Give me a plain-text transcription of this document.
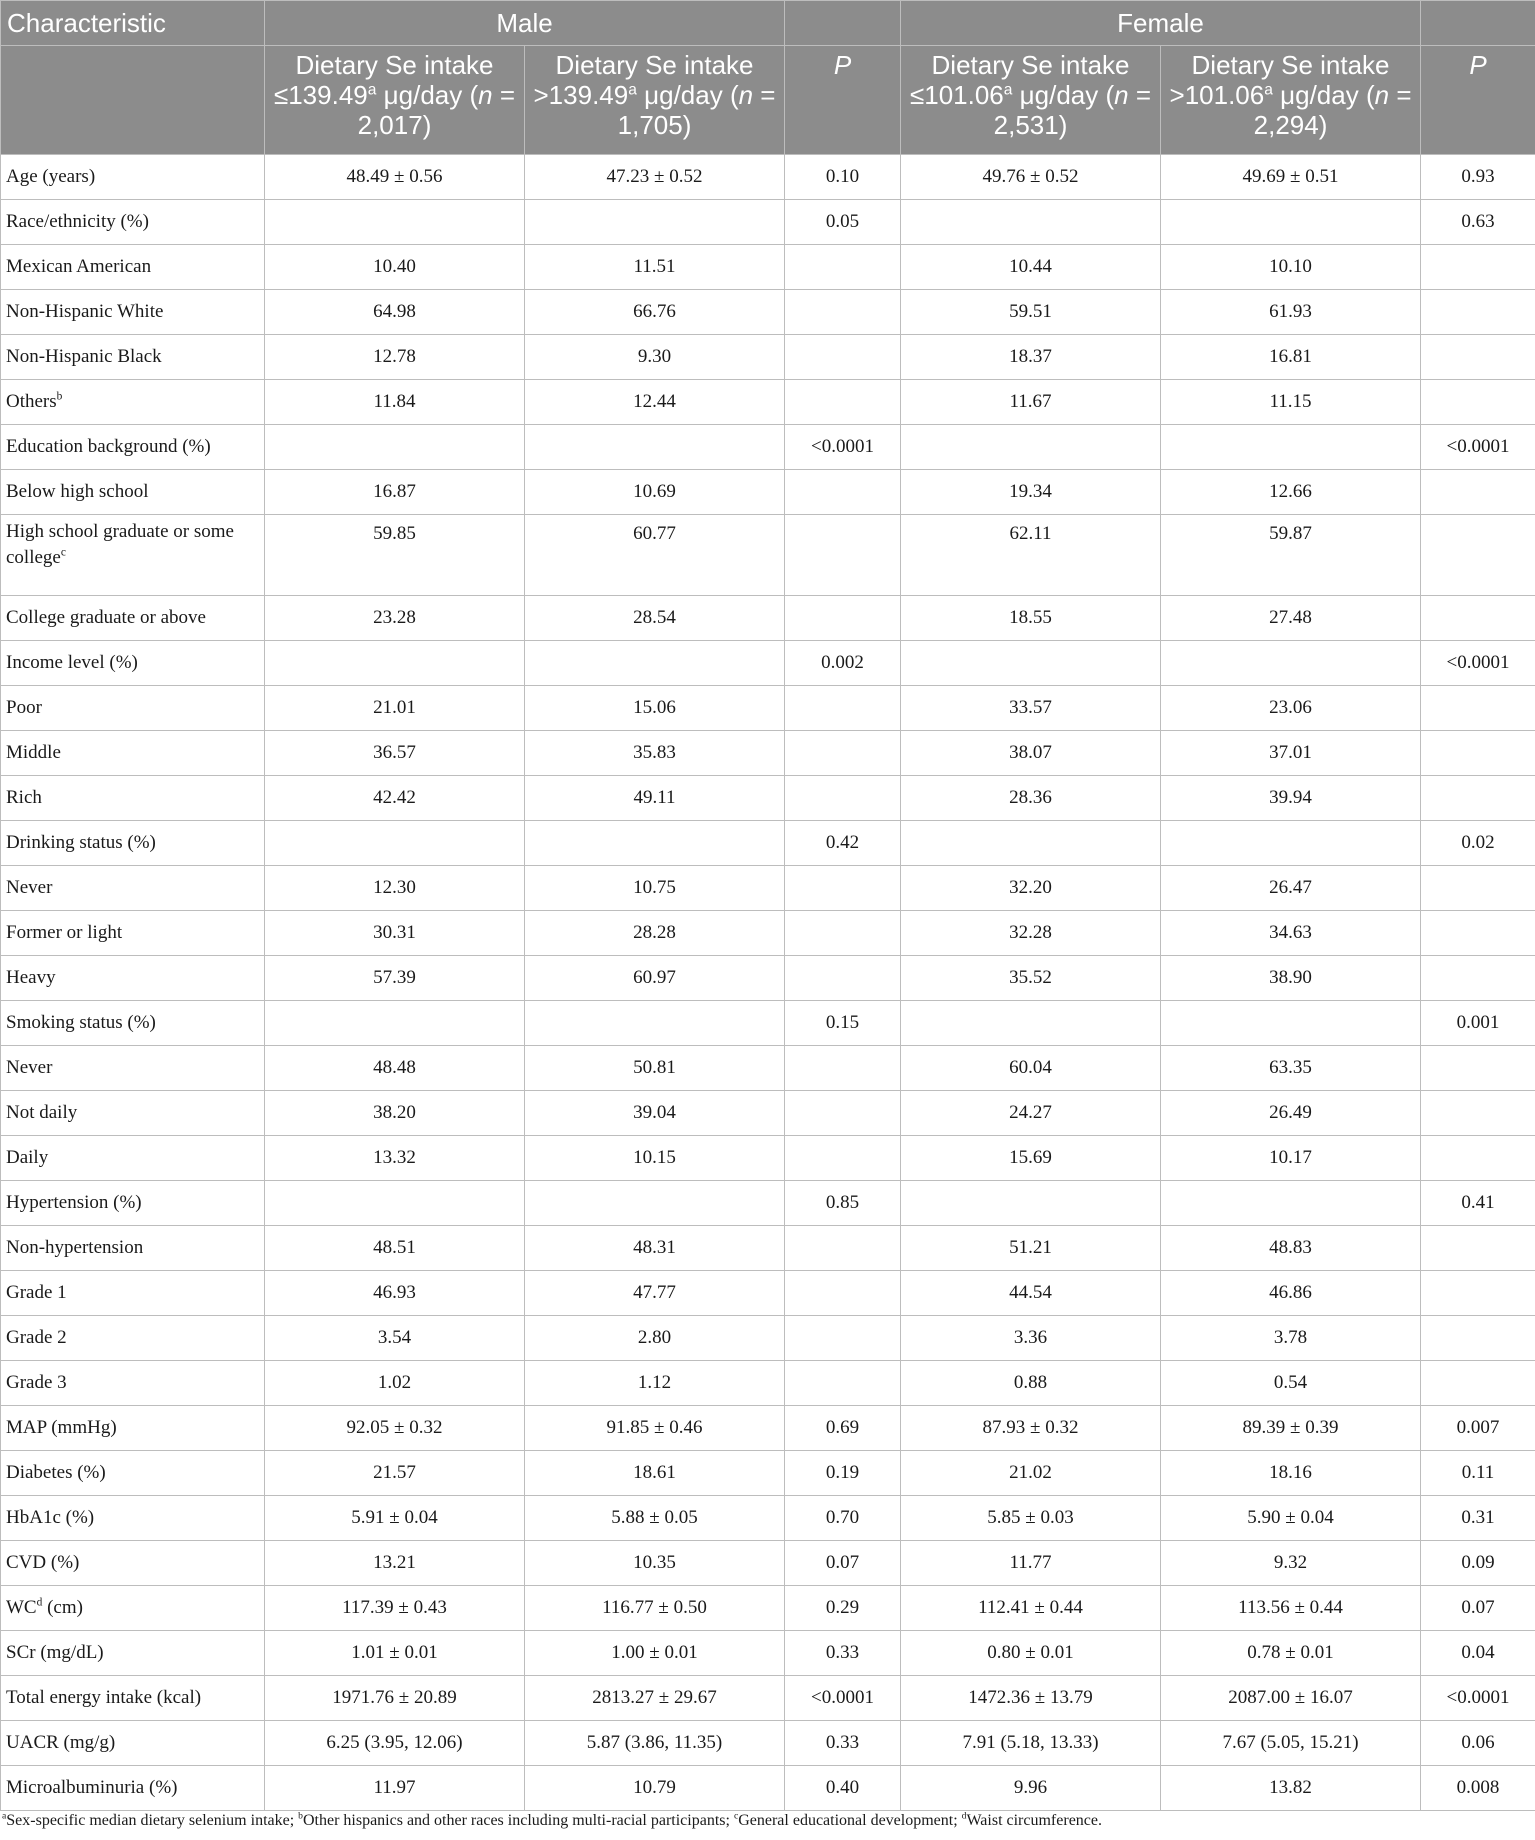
Characteristic	Male			Female		
	Dietary Se intake ≤139.49$^a$ μg/day (n = 2,017)	Dietary Se intake >139.49$^a$ μg/day (n = 1,705)	P	Dietary Se intake ≤101.06$^a$ μg/day (n = 2,531)	Dietary Se intake >101.06$^a$ μg/day (n = 2,294)	P
Age (years)	48.49 ± 0.56	47.23 ± 0.52	0.10	49.76 ± 0.52	49.69 ± 0.51	0.93
Race/ethnicity (%)			0.05			0.63
Mexican American	10.40	11.51		10.44	10.10	
Non-Hispanic White	64.98	66.76		59.51	61.93	
Non-Hispanic Black	12.78	9.30		18.37	16.81	
Others$^b$	11.84	12.44		11.67	11.15	
Education background (%)			<0.0001			<0.0001
Below high school	16.87	10.69		19.34	12.66	
High school graduate or some
college$^c$	59.85	60.77		62.11	59.87	
College graduate or above	23.28	28.54		18.55	27.48	
Income level (%)			0.002			<0.0001
Poor	21.01	15.06		33.57	23.06	
Middle	36.57	35.83		38.07	37.01	
Rich	42.42	49.11		28.36	39.94	
Drinking status (%)			0.42			0.02
Never	12.30	10.75		32.20	26.47	
Former or light	30.31	28.28		32.28	34.63	
Heavy	57.39	60.97		35.52	38.90	
Smoking status (%)			0.15			0.001
Never	48.48	50.81		60.04	63.35	
Not daily	38.20	39.04		24.27	26.49	
Daily	13.32	10.15		15.69	10.17	
Hypertension (%)			0.85			0.41
Non-hypertension	48.51	48.31		51.21	48.83	
Grade 1	46.93	47.77		44.54	46.86	
Grade 2	3.54	2.80		3.36	3.78	
Grade 3	1.02	1.12		0.88	0.54	
MAP (mmHg)	92.05 ± 0.32	91.85 ± 0.46	0.69	87.93 ± 0.32	89.39 ± 0.39	0.007
Diabetes (%)	21.57	18.61	0.19	21.02	18.16	0.11
HbA1c (%)	5.91 ± 0.04	5.88 ± 0.05	0.70	5.85 ± 0.03	5.90 ± 0.04	0.31
CVD (%)	13.21	10.35	0.07	11.77	9.32	0.09
$WC^d$ (cm)	117.39 ± 0.43	116.77 ± 0.50	0.29	112.41 ± 0.44	113.56 ± 0.44	0.07
SCr (mg/dL)	1.01 ± 0.01	1.00 ± 0.01	0.33	0.80 ± 0.01	0.78 ± 0.01	0.04
Total energy intake (kcal)	1971.76 ± 20.89	2813.27 ± 29.67	<0.0001	1472.36 ± 13.79	2087.00 ± 16.07	<0.0001
UACR (mg/g)	6.25 (3.95, 12.06)	5.87 (3.86, 11.35)	0.33	7.91 (5.18, 13.33)	7.67 (5.05, 15.21)	0.06
Microalbuminuria (%)	11.97	10.79	0.40	9.96	13.82	0.008
$^a$Sex-specific median dietary selenium intake; $^b$Other hispanics and other races including multi-racial participants; $^c$General educational development; $^d$Waist circumference.
